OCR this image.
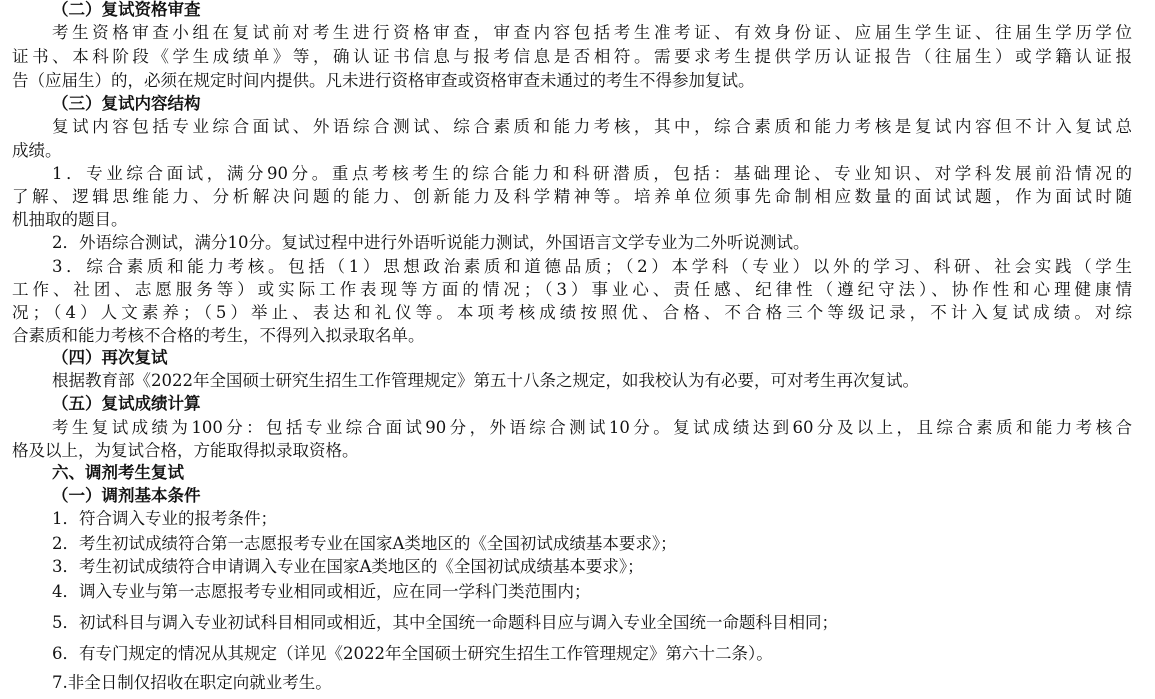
（二）复试资格审查
考生资格审查小组在复试前对考生进行资格审查，审查内容包括考生准考证、有效身份证、应届生学生证、往届生学历学位
证书、本科阶段《学生成绩单》等，确认证书信息与报考信息是否相符。需要求考生提供学历认证报告（往届生）或学籍认证报
告（应届生）的，必须在规定时间内提供。凡未进行资格审查或资格审查未通过的考生不得参加复试。
（三）复试内容结构
复试内容包括专业综合面试、外语综合测试、综合素质和能力考核，其中，综合素质和能力考核是复试内容但不计入复试总
成绩。
1．专业综合面试，满分90分。重点考核考生的综合能力和科研潜质，包括：基础理论、专业知识、对学科发展前沿情况的
了解、逻辑思维能力、分析解决问题的能力、创新能力及科学精神等。培养单位须事先命制相应数量的面试试题，作为面试时随
机抽取的题目。
2．外语综合测试，满分10分。复试过程中进行外语听说能力测试，外国语言文学专业为二外听说测试。
3．综合素质和能力考核。包括（1）思想政治素质和道德品质；（2）本学科（专业）以外的学习、科研、社会实践（学生
工作、社团、志愿服务等）或实际工作表现等方面的情况；（3）事业心、责任感、纪律性（遵纪守法）、协作性和心理健康情
况；（4）人文素养；（5）举止、表达和礼仪等。本项考核成绩按照优、合格、不合格三个等级记录，不计入复试成绩。对综
合素质和能力考核不合格的考生，不得列入拟录取名单。
（四）再次复试
根据教育部《2022年全国硕士研究生招生工作管理规定》第五十八条之规定，如我校认为有必要，可对考生再次复试。
（五）复试成绩计算
考生复试成绩为100分：包括专业综合面试90分，外语综合测试10分。复试成绩达到60分及以上，且综合素质和能力考核合
格及以上，为复试合格，方能取得拟录取资格。
六、调剂考生复试
（一）调剂基本条件
1．符合调入专业的报考条件；
2．考生初试成绩符合第一志愿报考专业在国家A类地区的《全国初试成绩基本要求》；
3．考生初试成绩符合申请调入专业在国家A类地区的《全国初试成绩基本要求》；
4．调入专业与第一志愿报考专业相同或相近，应在同一学科门类范围内；
5．初试科目与调入专业初试科目相同或相近，其中全国统一命题科目应与调入专业全国统一命题科目相同；
6．有专门规定的情况从其规定（详见《2022年全国硕士研究生招生工作管理规定》第六十二条）。
7.非全日制仅招收在职定向就业考生。
